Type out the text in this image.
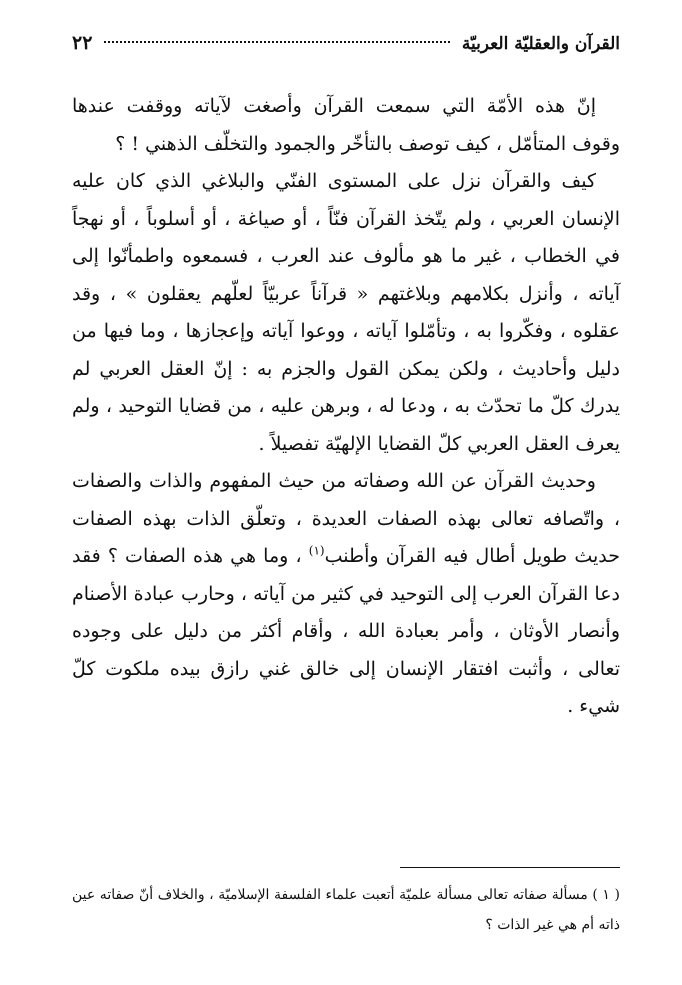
القرآن والعقليّة العربيّة
٢٢

إنّ هذه الأمّة التي سمعت القرآن وأصغت لآياته ووقفت عندها وقوف المتأمّل ، كيف توصف بالتأخّر والجمود والتخلّف الذهني ! ؟

كيف والقرآن نزل على المستوى الفنّي والبلاغي الذي كان عليه الإنسان العربي ، ولم يتّخذ القرآن فنّاً ، أو صياغة ، أو أسلوباً ، أو نهجاً في الخطاب ، غير ما هو مألوف عند العرب ، فسمعوه واطمأنّوا إلى آياته ، وأنزل بكلامهم وبلاغتهم « قرآناً عربيّاً لعلّهم يعقلون » ، وقد عقلوه ، وفكّروا به ، وتأمّلوا آياته ، ووعوا آياته وإعجازها ، وما فيها من دليل وأحاديث ، ولكن يمكن القول والجزم به : إنّ العقل العربي لم يدرك كلّ ما تحدّث به ، ودعا له ، وبرهن عليه ، من قضايا التوحيد ، ولم يعرف العقل العربي كلّ القضايا الإلهيّة تفصيلاً .

وحديث القرآن عن الله وصفاته من حيث المفهوم والذات والصفات ، واتّصافه تعالى بهذه الصفات العديدة ، وتعلّق الذات بهذه الصفات حديث طويل أطال فيه القرآن وأطنب$^{(١)}$ ، وما هي هذه الصفات ؟ فقد دعا القرآن العرب إلى التوحيد في كثير من آياته ، وحارب عبادة الأصنام وأنصار الأوثان ، وأمر بعبادة الله ، وأقام أكثر من دليل على وجوده تعالى ، وأثبت افتقار الإنسان إلى خالق غني رازق بيده ملكوت كلّ شيء .

( ١ ) مسألة صفاته تعالى مسألة علميّة أتعبت علماء الفلسفة الإسلاميّة ، والخلاف أنّ صفاته عين ذاته أم هي غير الذات ؟
